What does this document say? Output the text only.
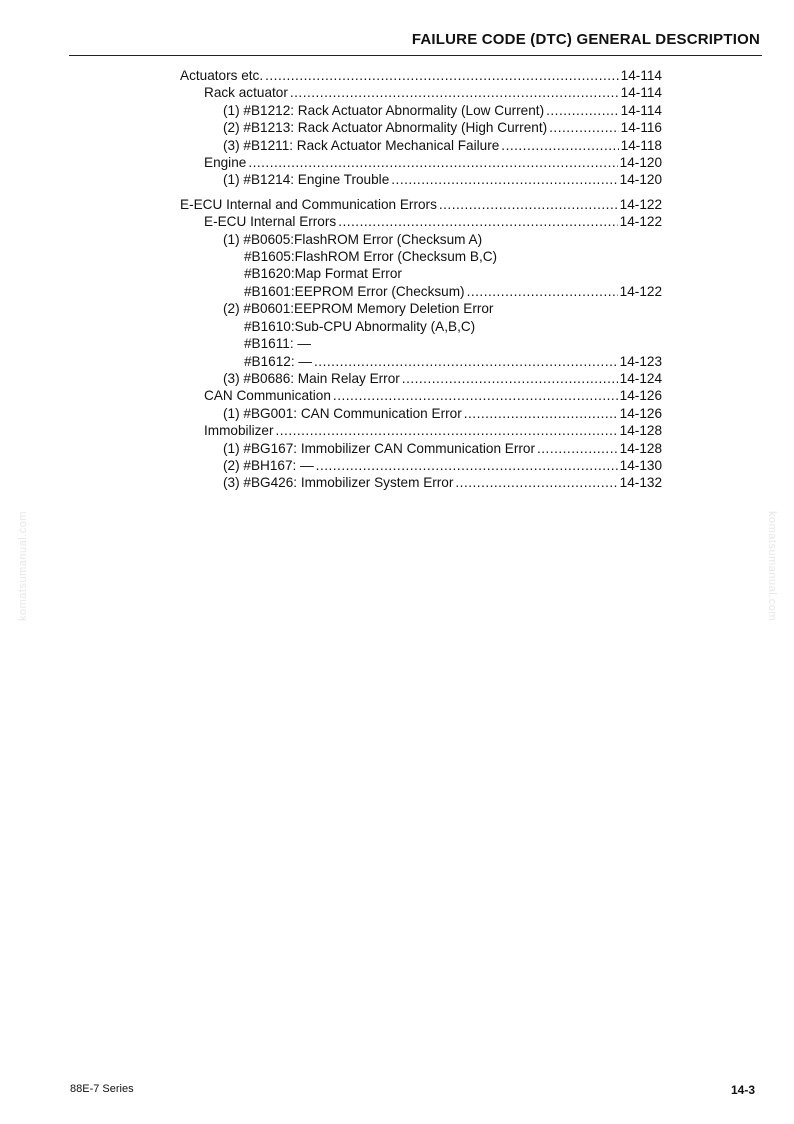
FAILURE CODE (DTC) GENERAL DESCRIPTION
Actuators etc. .....	14-114
Rack actuator .....	14-114
(1) #B1212: Rack Actuator Abnormality (Low Current) .....	14-114
(2) #B1213: Rack Actuator Abnormality (High Current) .....	14-116
(3) #B1211: Rack Actuator Mechanical Failure .....	14-118
Engine .....	14-120
(1) #B1214: Engine Trouble .....	14-120
E-ECU Internal and Communication Errors .....	14-122
E-ECU Internal Errors .....	14-122
(1) #B0605:FlashROM Error (Checksum A)
#B1605:FlashROM Error (Checksum B,C)
#B1620:Map Format Error
#B1601:EEPROM Error (Checksum) .....	14-122
(2) #B0601:EEPROM Memory Deletion Error
#B1610:Sub-CPU Abnormality (A,B,C)
#B1611: —
#B1612: — .....	14-123
(3) #B0686: Main Relay Error .....	14-124
CAN Communication .....	14-126
(1) #BG001: CAN Communication Error .....	14-126
Immobilizer .....	14-128
(1) #BG167: Immobilizer CAN Communication Error .....	14-128
(2) #BH167: — .....	14-130
(3) #BG426: Immobilizer System Error .....	14-132
komatsumanual.com	komatsumanual.com
88E-7 Series	14-3
